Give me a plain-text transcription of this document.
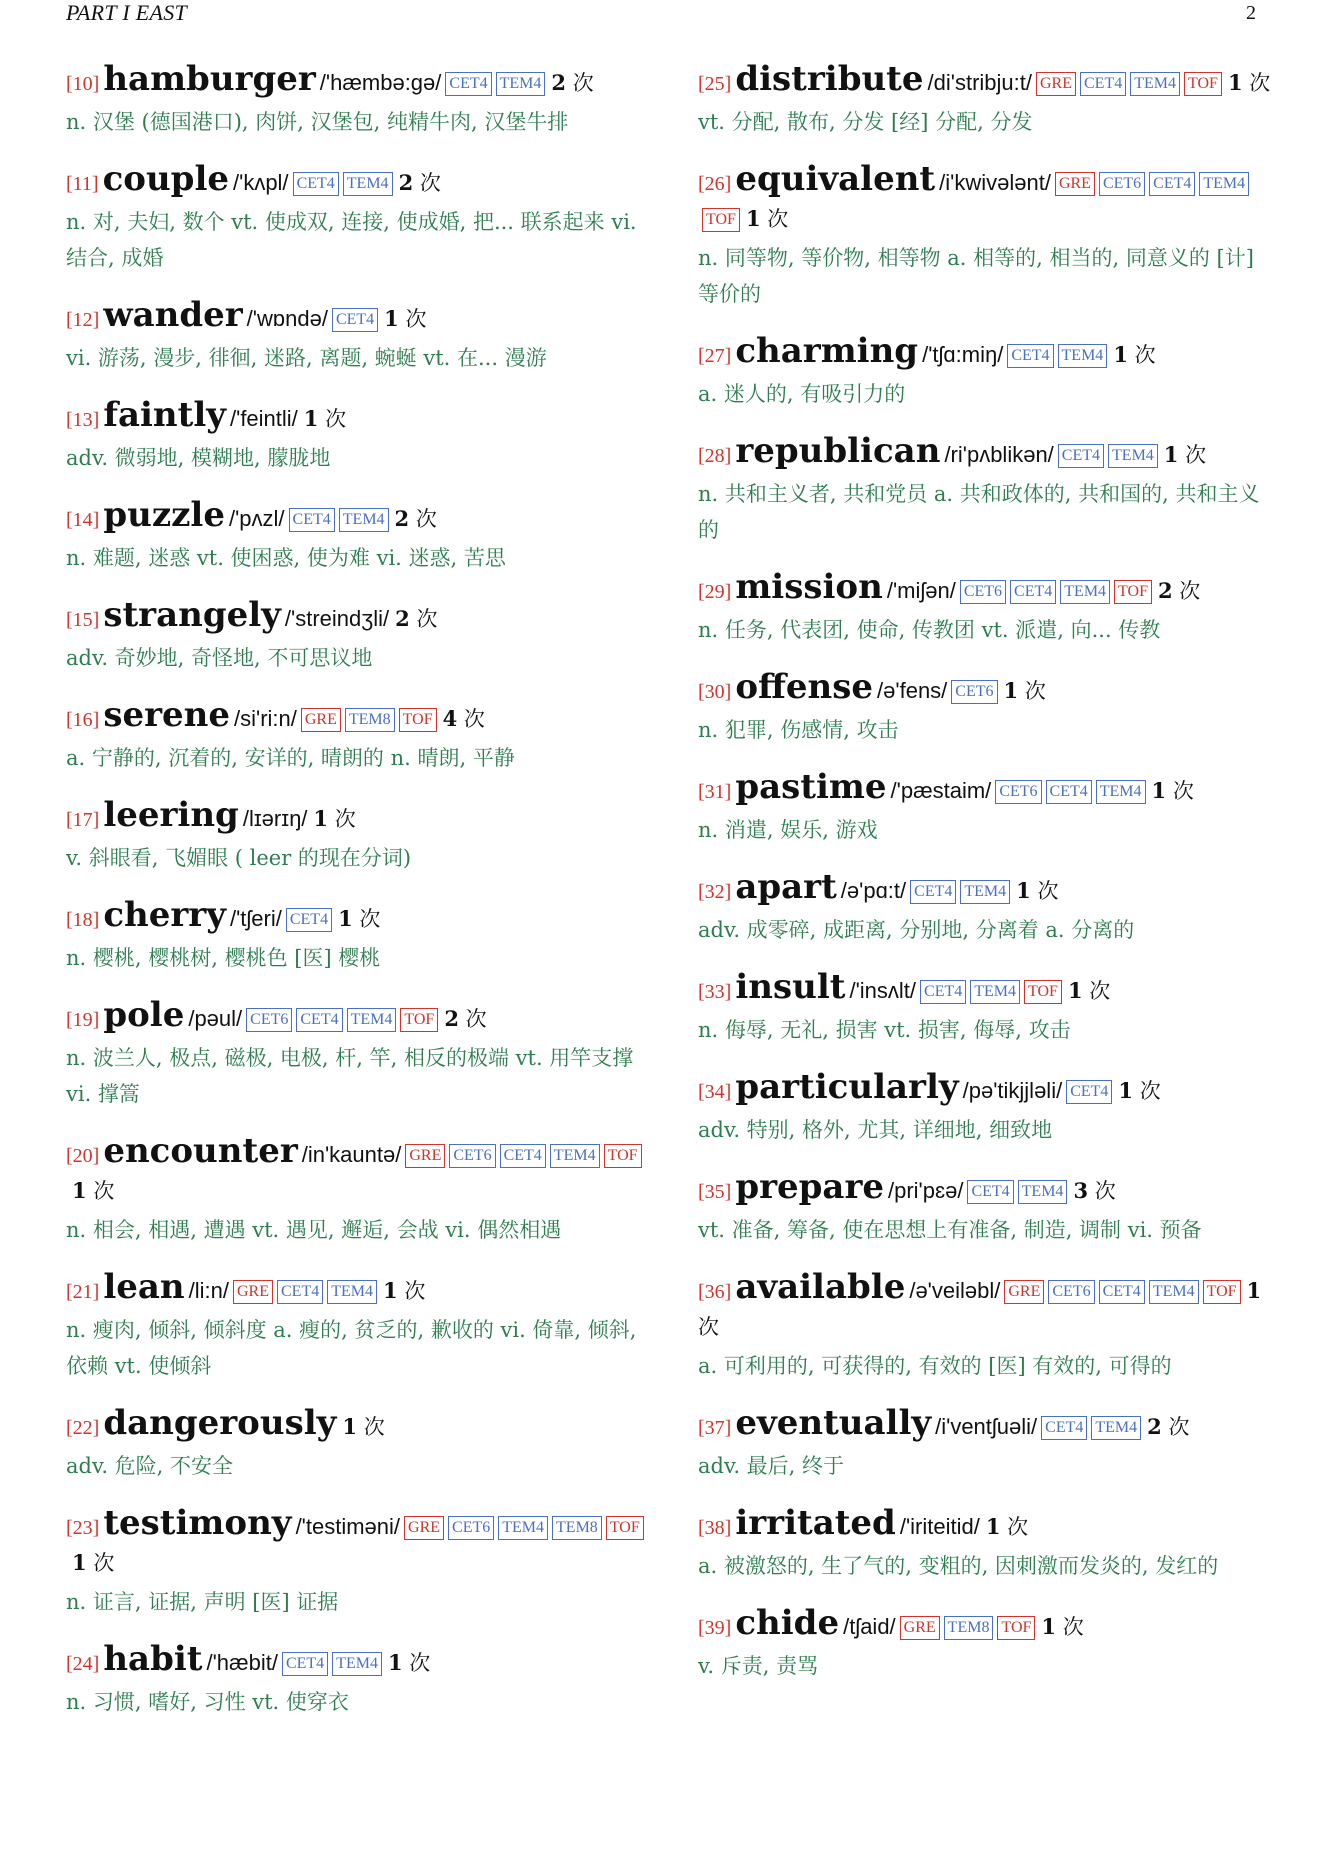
PART I EAST	2
[10] hamburger /'hæmbə:gə/ CET4 TEM4 2 次
n. 汉堡 (德国港口), 肉饼, 汉堡包, 纯精牛肉, 汉堡牛排
[11] couple /'kʌpl/ CET4 TEM4 2 次
n. 对, 夫妇, 数个 vt. 使成双, 连接, 使成婚, 把... 联系起来 vi. 结合, 成婚
[12] wander /'wɒndə/ CET4 1 次
vi. 游荡, 漫步, 徘徊, 迷路, 离题, 蜿蜒 vt. 在... 漫游
[13] faintly /'feintli/ 1 次
adv. 微弱地, 模糊地, 朦胧地
[14] puzzle /'pʌzl/ CET4 TEM4 2 次
n. 难题, 迷惑 vt. 使困惑, 使为难 vi. 迷惑, 苦思
[15] strangely /'streindʒli/ 2 次
adv. 奇妙地, 奇怪地, 不可思议地
[16] serene /si'ri:n/ GRE TEM8 TOF 4 次
a. 宁静的, 沉着的, 安详的, 晴朗的 n. 晴朗, 平静
[17] leering /lɪərɪŋ/ 1 次
v. 斜眼看, 飞媚眼 ( leer 的现在分词)
[18] cherry /'tʃeri/ CET4 1 次
n. 樱桃, 樱桃树, 樱桃色 [医] 樱桃
[19] pole /pəul/ CET6 CET4 TEM4 TOF 2 次
n. 波兰人, 极点, 磁极, 电极, 杆, 竿, 相反的极端 vt. 用竿支撑 vi. 撑篙
[20] encounter /in'kauntə/ GRE CET6 CET4 TEM4 TOF1 次
n. 相会, 相遇, 遭遇 vt. 遇见, 邂逅, 会战 vi. 偶然相遇
[21] lean /li:n/ GRE CET4 TEM4 1 次
n. 瘦肉, 倾斜, 倾斜度 a. 瘦的, 贫乏的, 歉收的 vi. 倚靠, 倾斜, 依赖 vt. 使倾斜
[22] dangerously 1 次
adv. 危险, 不安全
[23] testimony /'testiməni/ GRE CET6 TEM4 TEM8 TOF1 次
n. 证言, 证据, 声明 [医] 证据
[24] habit /'hæbit/ CET4 TEM4 1 次
n. 习惯, 嗜好, 习性 vt. 使穿衣
[25] distribute /di'stribju:t/ GRE CET4 TEM4 TOF 1 次
vt. 分配, 散布, 分发 [经] 分配, 分发
[26] equivalent /i'kwivələnt/ GRE CET6 CET4 TEM4TOF 1 次
n. 同等物, 等价物, 相等物 a. 相等的, 相当的, 同意义的 [计] 等价的
[27] charming /'tʃɑ:miŋ/ CET4 TEM4 1 次
a. 迷人的, 有吸引力的
[28] republican /ri'pʌblikən/ CET4 TEM4 1 次
n. 共和主义者, 共和党员 a. 共和政体的, 共和国的, 共和主义的
[29] mission /'miʃən/ CET6 CET4 TEM4 TOF 2 次
n. 任务, 代表团, 使命, 传教团 vt. 派遣, 向... 传教
[30] offense /ə'fens/ CET6 1 次
n. 犯罪, 伤感情, 攻击
[31] pastime /'pæstaim/ CET6 CET4 TEM4 1 次
n. 消遣, 娱乐, 游戏
[32] apart /ə'pɑ:t/ CET4 TEM4 1 次
adv. 成零碎, 成距离, 分别地, 分离着 a. 分离的
[33] insult /'insʌlt/ CET4 TEM4 TOF 1 次
n. 侮辱, 无礼, 损害 vt. 损害, 侮辱, 攻击
[34] particularly /pə'tikjjləli/ CET4 1 次
adv. 特别, 格外, 尤其, 详细地, 细致地
[35] prepare /pri'pɛə/ CET4 TEM4 3 次
vt. 准备, 筹备, 使在思想上有准备, 制造, 调制 vi. 预备
[36] available /ə'veiləbl/ GRE CET6 CET4 TEM4 TOF 1 次
a. 可利用的, 可获得的, 有效的 [医] 有效的, 可得的
[37] eventually /i'ventʃuəli/ CET4 TEM4 2 次
adv. 最后, 终于
[38] irritated /'iriteitid/ 1 次
a. 被激怒的, 生了气的, 变粗的, 因刺激而发炎的, 发红的
[39] chide /tʃaid/ GRE TEM8 TOF 1 次
v. 斥责, 责骂
